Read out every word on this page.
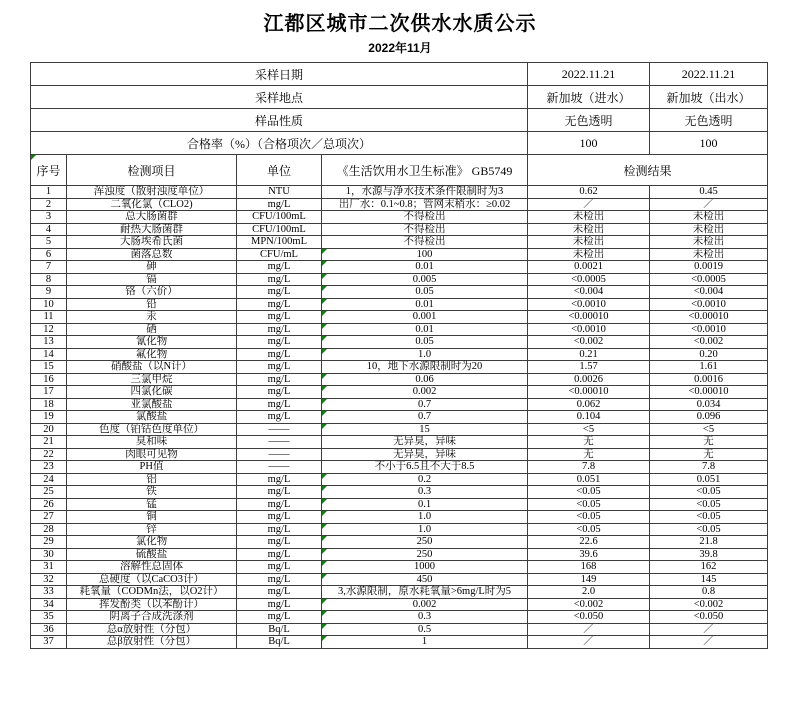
江都区城市二次供水水质公示
2022年11月
采样日期				2022.11.21	2022.11.21
采样地点				新加坡（进水）	新加坡（出水）
样品性质				无色透明	无色透明
合格率（%）（合格项次／总项次）				100	100
序号	检测项目	单位	《生活饮用水卫生标准》 GB5749	检测结果	
1	浑浊度（散射浊度单位）	NTU	1，水源与净水技术条件限制时为3	0.62	0.45
2	二氧化氯（CLO2)	mg/L	出厂水：0.1~0.8；管网末稍水：≥0.02	／	／
3	总大肠菌群	CFU/100mL	不得检出	未检出	未检出
4	耐热大肠菌群	CFU/100mL	不得检出	未检出	未检出
5	大肠埃希氏菌	MPN/100mL	不得检出	未检出	未检出
6	菌落总数	CFU/mL	100	未检出	未检出
7	砷	mg/L	0.01	0.0021	0.0019
8	镉	mg/L	0.005	<0.0005	<0.0005
9	铬（六价）	mg/L	0.05	<0.004	<0.004
10	铅	mg/L	0.01	<0.0010	<0.0010
11	汞	mg/L	0.001	<0.00010	<0.00010
12	硒	mg/L	0.01	<0.0010	<0.0010
13	氰化物	mg/L	0.05	<0.002	<0.002
14	氟化物	mg/L	1.0	0.21	0.20
15	硝酸盐（以N计）	mg/L	10，地下水源限制时为20	1.57	1.61
16	三氯甲烷	mg/L	0.06	0.0026	0.0016
17	四氯化碳	mg/L	0.002	<0.00010	<0.00010
18	亚氯酸盐	mg/L	0.7	0.062	0.034
19	氯酸盐	mg/L	0.7	0.104	0.096
20	色度（铂钴色度单位）	——	15	<5	<5
21	臭和味	——	无异臭，异味	无	无
22	肉眼可见物	——	无异臭，异味	无	无
23	PH值	——	不小于6.5且不大于8.5	7.8	7.8
24	铝	mg/L	0.2	0.051	0.051
25	铁	mg/L	0.3	<0.05	<0.05
26	锰	mg/L	0.1	<0.05	<0.05
27	铜	mg/L	1.0	<0.05	<0.05
28	锌	mg/L	1.0	<0.05	<0.05
29	氯化物	mg/L	250	22.6	21.8
30	硫酸盐	mg/L	250	39.6	39.8
31	溶解性总固体	mg/L	1000	168	162
32	总硬度（以CaCO3计）	mg/L	450	149	145
33	耗氧量（CODMn法，以O2计）	mg/L	3,水源限制，原水耗氧量>6mg/L时为5	2.0	0.8
34	挥发酚类（以苯酚计）	mg/L	0.002	<0.002	<0.002
35	阴离子合成洗涤剂	mg/L	0.3	<0.050	<0.050
36	总α放射性（分包）	Bq/L	0.5	／	／
37	总β放射性（分包）	Bq/L	1	／	／
